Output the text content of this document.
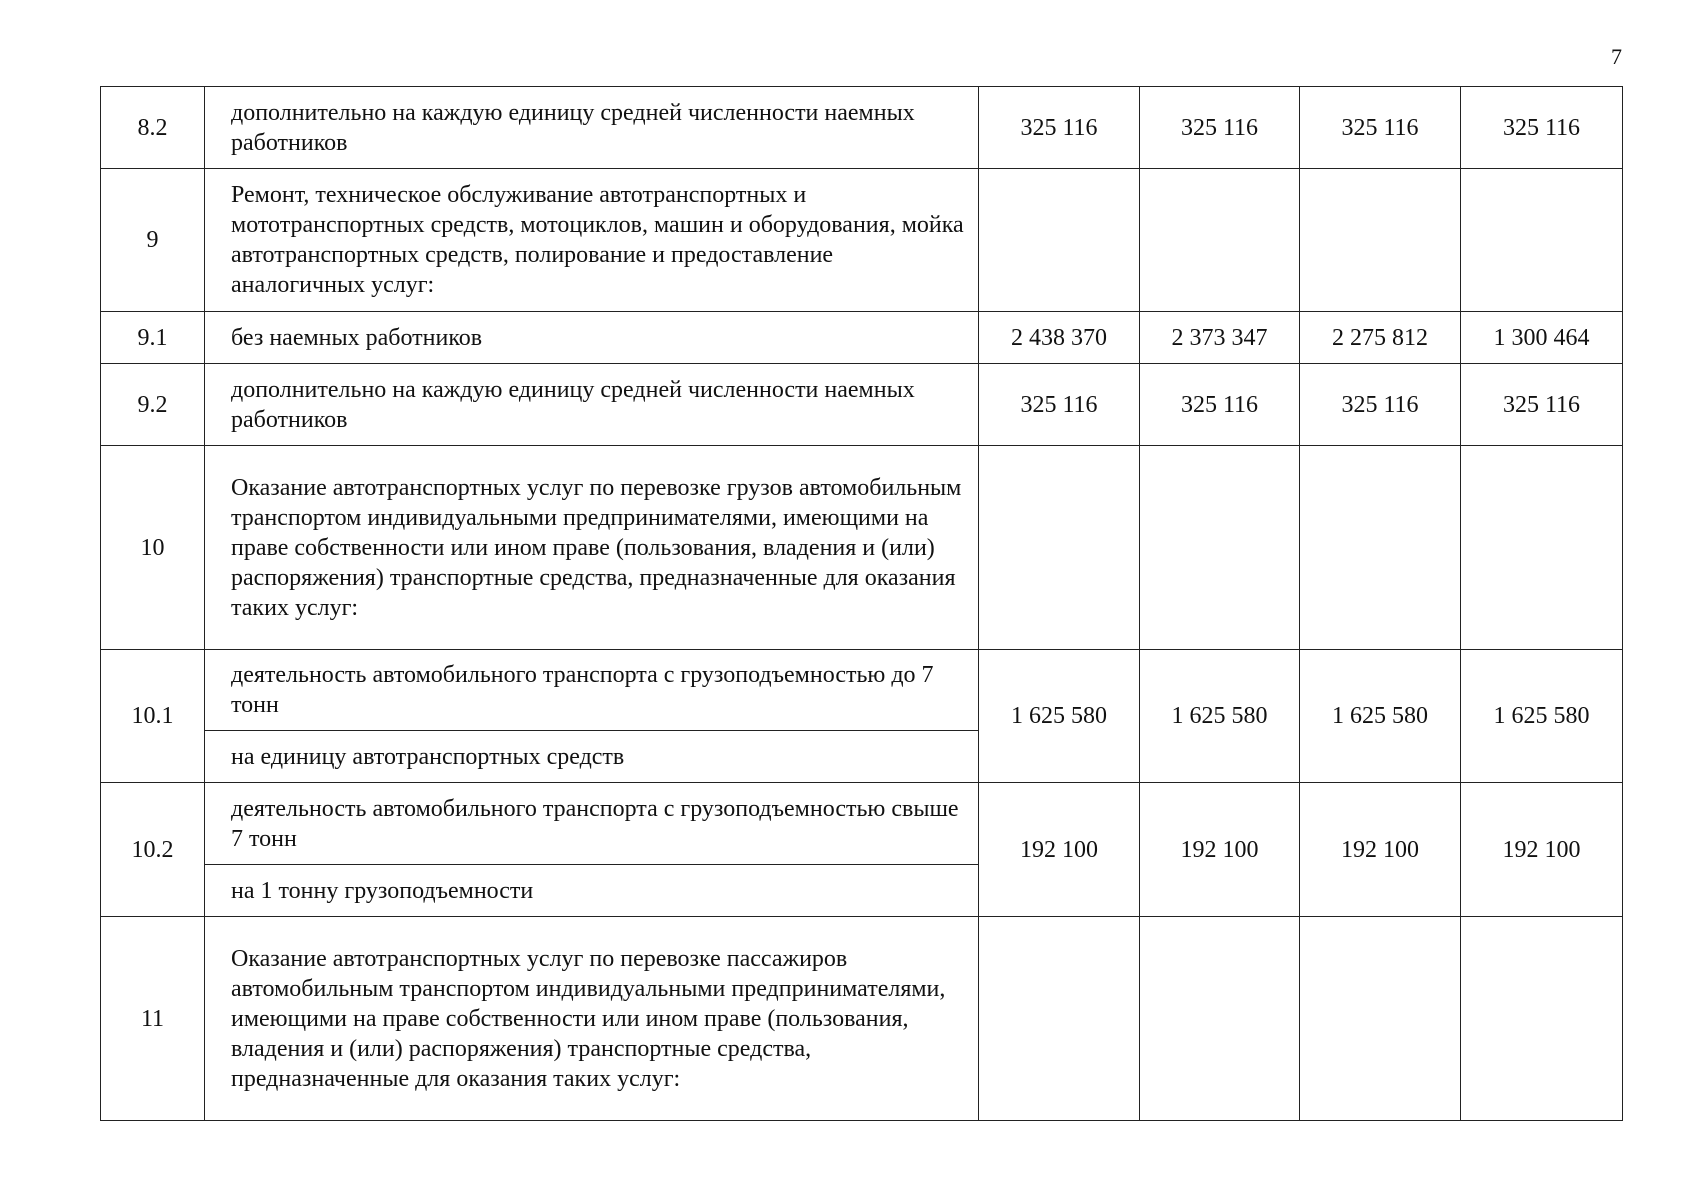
7
8.2	дополнительно на каждую единицу средней численности наемных работников	325 116	325 116	325 116	325 116
9	Ремонт, техническое обслуживание автотранспортных и мототранспортных средств, мотоциклов, машин и оборудования, мойка автотранспортных средств, полирование и предоставление аналогичных услуг:				
9.1	без наемных работников	2 438 370	2 373 347	2 275 812	1 300 464
9.2	дополнительно на каждую единицу средней численности наемных работников	325 116	325 116	325 116	325 116
10	Оказание автотранспортных услуг по перевозке грузов автомобильным транспортом индивидуальными предпринимателями, имеющими на праве собственности или ином праве (пользования, владения и (или) распоряжения) транспортные средства, предназначенные для оказания таких услуг:				
10.1	деятельность автомобильного транспорта с грузоподъемностью до 7 тонн	1 625 580	1 625 580	1 625 580	1 625 580
	на единицу автотранспортных средств				
10.2	деятельность автомобильного транспорта с грузоподъемностью свыше 7 тонн	192 100	192 100	192 100	192 100
	на 1 тонну грузоподъемности				
11	Оказание автотранспортных услуг по перевозке пассажиров автомобильным транспортом индивидуальными предпринимателями, имеющими на праве собственности или ином праве (пользования, владения и (или) распоряжения) транспортные средства, предназначенные для оказания таких услуг:				
